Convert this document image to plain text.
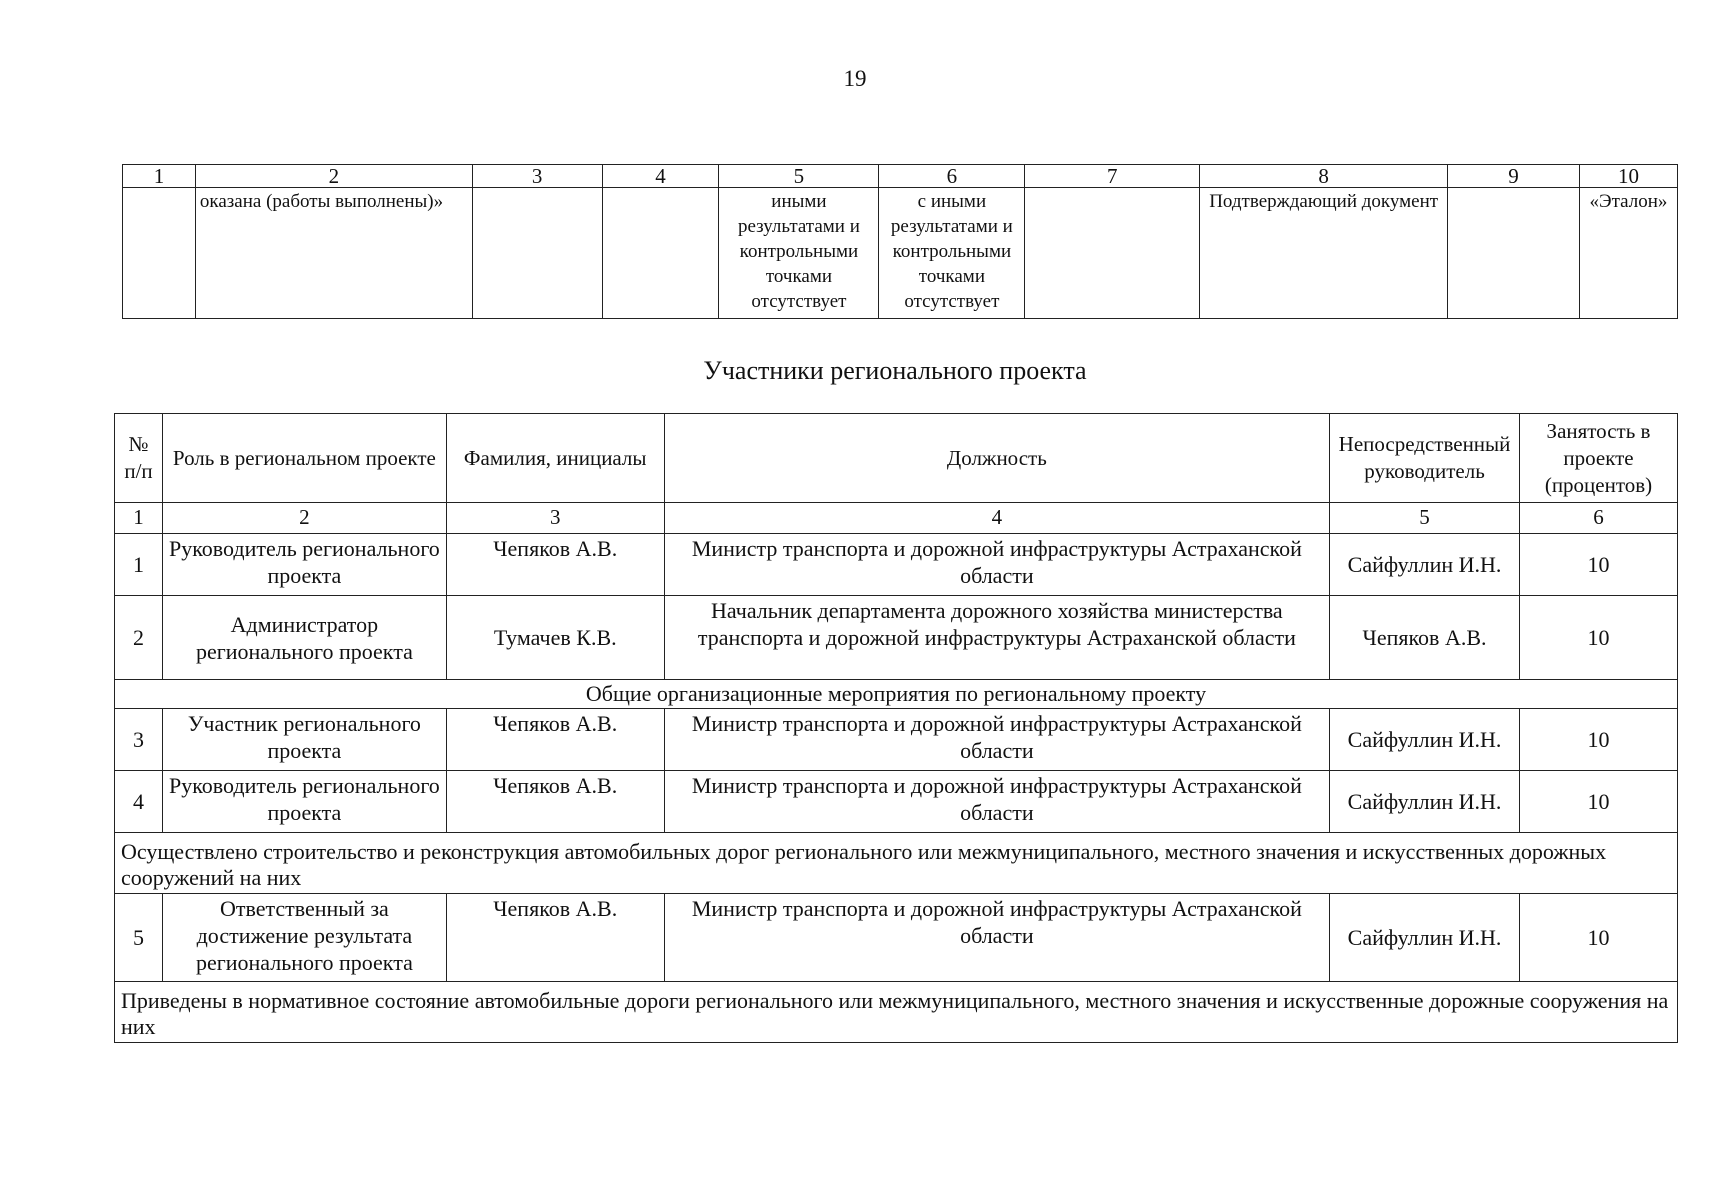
19
1	2	3	4	5	6	7	8	9	10
	оказана (работы выполнены)»			иными результатами и контрольными точками отсутствует	с иными результатами и контрольными точками отсутствует		Подтверждающий документ		«Эталон»
Участники регионального проекта
№ п/п	Роль в региональном проекте	Фамилия, инициалы	Должность	Непосредственный руководитель	Занятость в проекте (процентов)
1	2	3	4	5	6
1	Руководитель регионального проекта	Чепяков А.В.	Министр транспорта и дорожной инфраструктуры Астраханской области	Сайфуллин И.Н.	10
2	Администратор регионального проекта	Тумачев К.В.	Начальник департамента дорожного хозяйства министерства транспорта и дорожной инфраструктуры Астраханской области	Чепяков А.В.	10
Общие организационные мероприятия по региональному проекту					
3	Участник регионального проекта	Чепяков А.В.	Министр транспорта и дорожной инфраструктуры Астраханской области	Сайфуллин И.Н.	10
4	Руководитель регионального проекта	Чепяков А.В.	Министр транспорта и дорожной инфраструктуры Астраханской области	Сайфуллин И.Н.	10
Осуществлено строительство и реконструкция автомобильных дорог регионального или межмуниципального, местного значения и искусственных дорожных сооружений на них					
5	Ответственный за достижение результата регионального проекта	Чепяков А.В.	Министр транспорта и дорожной инфраструктуры Астраханской области	Сайфуллин И.Н.	10
Приведены в нормативное состояние автомобильные дороги регионального или межмуниципального, местного значения и искусственные дорожные сооружения на них					
